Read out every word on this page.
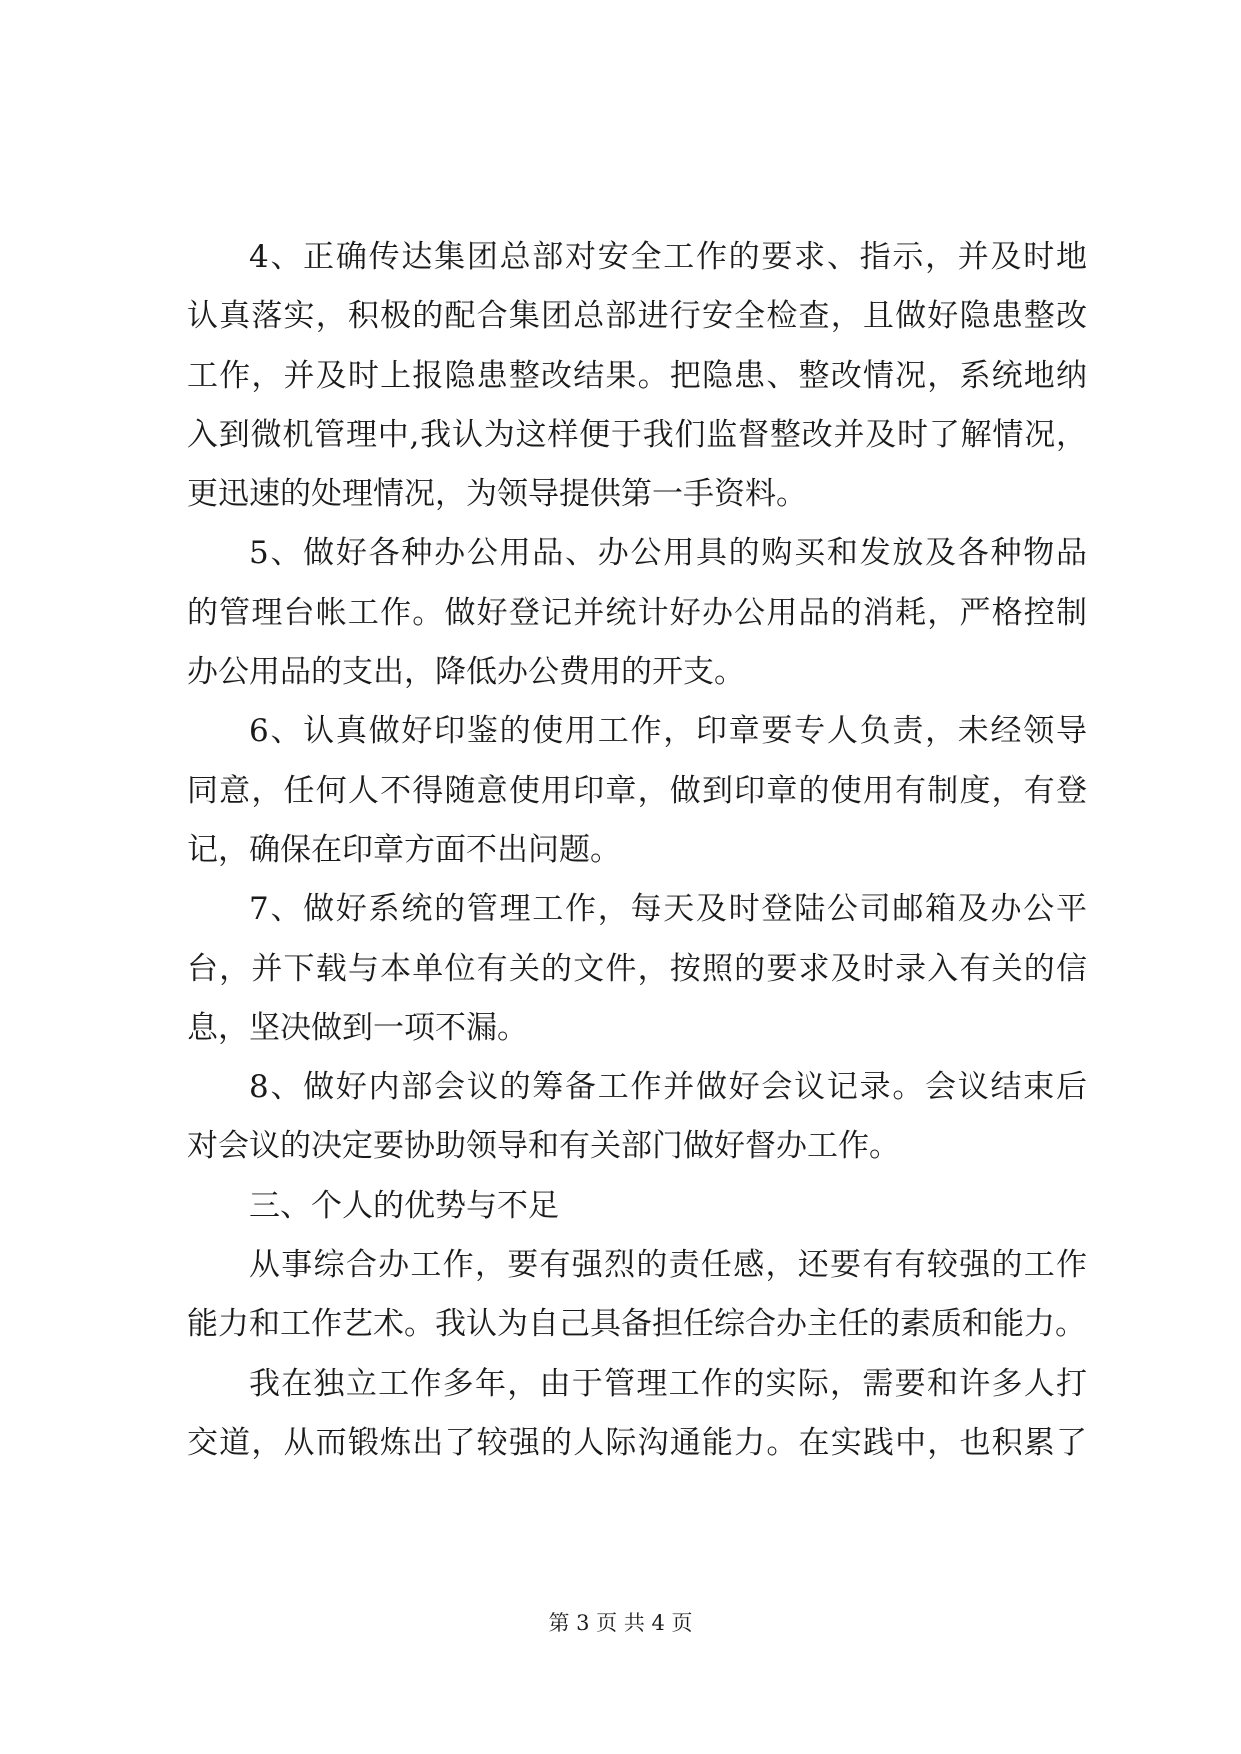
4、正确传达集团总部对安全工作的要求、指示，并及时地
认真落实，积极的配合集团总部进行安全检查，且做好隐患整改
工作，并及时上报隐患整改结果。把隐患、整改情况，系统地纳
入到微机管理中,我认为这样便于我们监督整改并及时了解情况，
更迅速的处理情况，为领导提供第一手资料。
5、做好各种办公用品、办公用具的购买和发放及各种物品
的管理台帐工作。做好登记并统计好办公用品的消耗，严格控制
办公用品的支出，降低办公费用的开支。
6、认真做好印鉴的使用工作，印章要专人负责，未经领导
同意，任何人不得随意使用印章，做到印章的使用有制度，有登
记，确保在印章方面不出问题。
7、做好系统的管理工作，每天及时登陆公司邮箱及办公平
台，并下载与本单位有关的文件，按照的要求及时录入有关的信
息，坚决做到一项不漏。
8、做好内部会议的筹备工作并做好会议记录。会议结束后
对会议的决定要协助领导和有关部门做好督办工作。
三、个人的优势与不足
从事综合办工作，要有强烈的责任感，还要有有较强的工作
能力和工作艺术。我认为自己具备担任综合办主任的素质和能力。
我在独立工作多年，由于管理工作的实际，需要和许多人打
交道，从而锻炼出了较强的人际沟通能力。在实践中，也积累了
第 3 页 共 4 页
